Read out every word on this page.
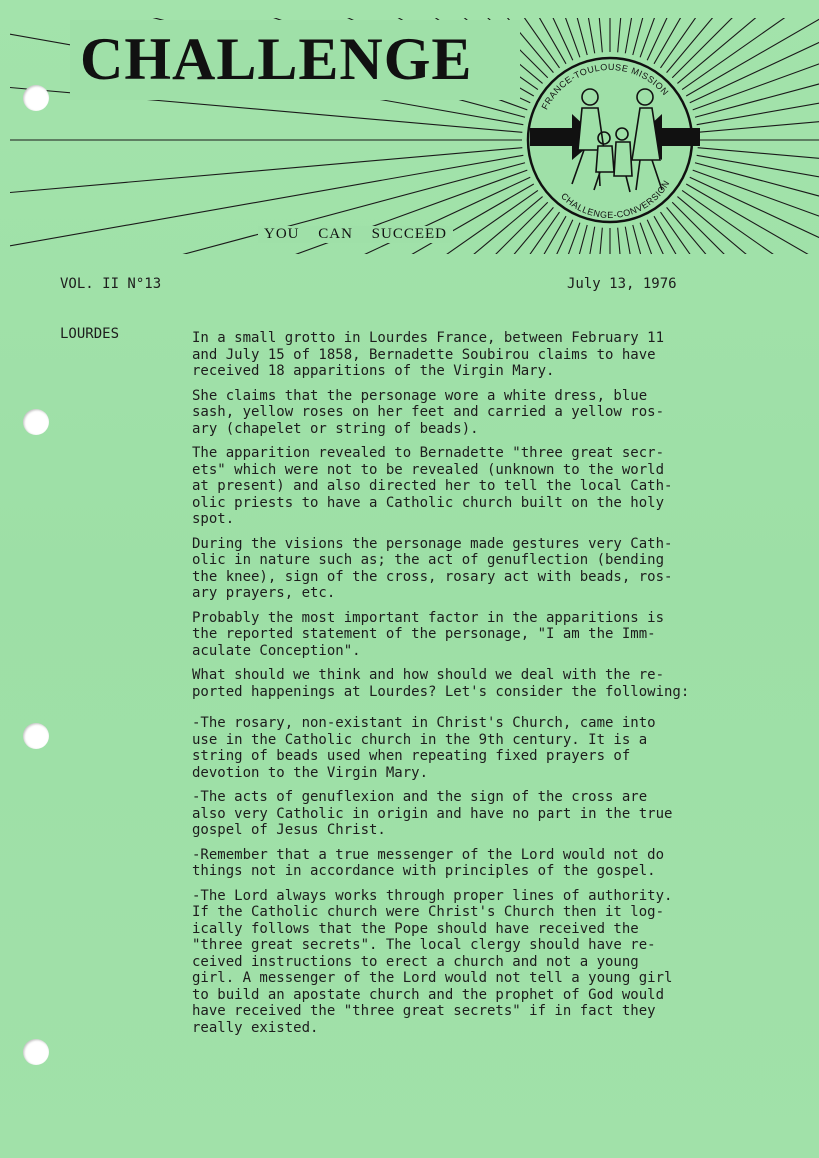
FRANCE-TOULOUSE MISSION
CHALLENGE-CONVERSION
CHALLENGE
YOU CAN SUCCEED
VOL. II N°13	July 13, 1976
LOURDES	In a small grotto in Lourdes France, between February 11
and July 15 of 1858, Bernadette Soubirou claims to have
received 18 apparitions of the Virgin Mary.

She claims that the personage wore a white dress, blue
sash, yellow roses on her feet and carried a yellow ros-
ary (chapelet or string of beads).

The apparition revealed to Bernadette "three great secr-
ets" which were not to be revealed (unknown to the world
at present) and also directed her to tell the local Cath-
olic priests to have a Catholic church built on the holy
spot.

During the visions the personage made gestures very Cath-
olic in nature such as; the act of genuflection (bending
the knee), sign of the cross, rosary act with beads, ros-
ary prayers, etc.

Probably the most important factor in the apparitions is
the reported statement of the personage, "I am the Imm-
aculate Conception".

What should we think and how should we deal with the re-
ported happenings at Lourdes? Let's consider the following:

-The rosary, non-existant in Christ's Church, came into
use in the Catholic church in the 9th century. It is a
string of beads used when repeating fixed prayers of
devotion to the Virgin Mary.

-The acts of genuflexion and the sign of the cross are
also very Catholic in origin and have no part in the true
gospel of Jesus Christ.

-Remember that a true messenger of the Lord would not do
things not in accordance with principles of the gospel.

-The Lord always works through proper lines of authority.
If the Catholic church were Christ's Church then it log-
ically follows that the Pope should have received the
"three great secrets". The local clergy should have re-
ceived instructions to erect a church and not a young
girl. A messenger of the Lord would not tell a young girl
to build an apostate church and the prophet of God would
have received the "three great secrets" if in fact they
really existed.
